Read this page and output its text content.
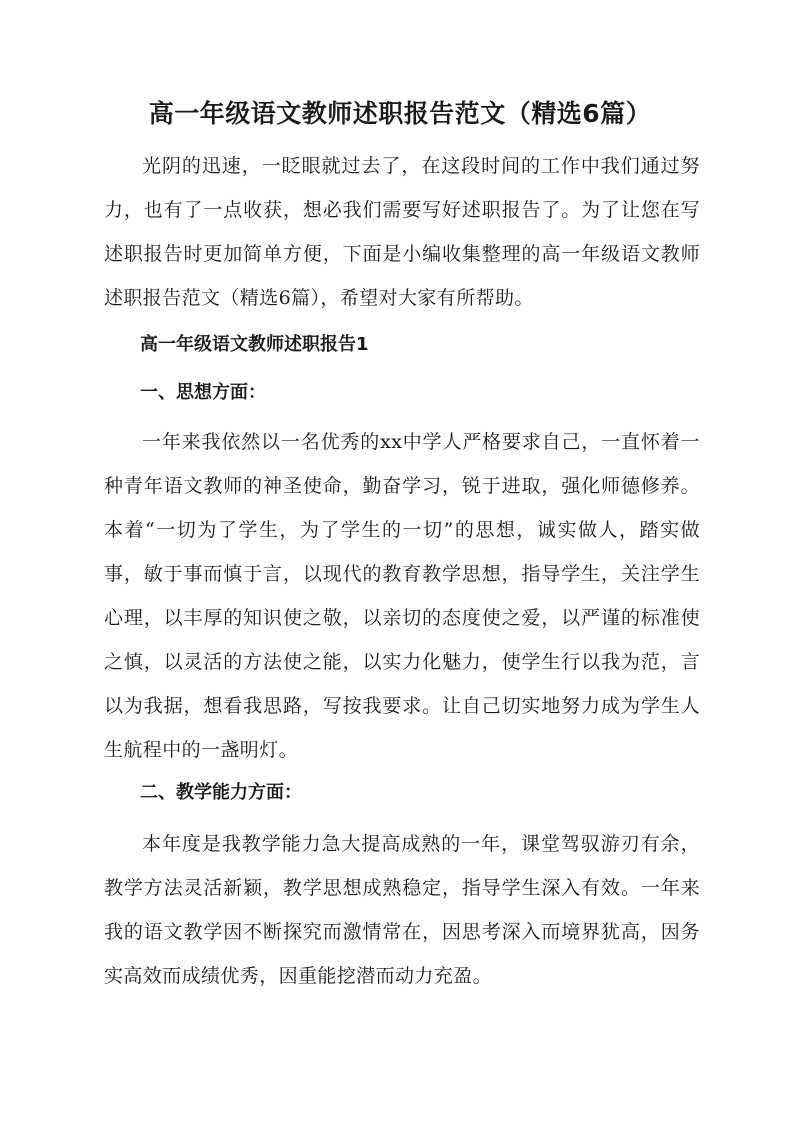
高一年级语文教师述职报告范文（精选6篇）

光阴的迅速，一眨眼就过去了，在这段时间的工作中我们通过努力，也有了一点收获，想必我们需要写好述职报告了。为了让您在写述职报告时更加简单方便，下面是小编收集整理的高一年级语文教师述职报告范文（精选6篇），希望对大家有所帮助。

高一年级语文教师述职报告1
一、思想方面：

一年来我依然以一名优秀的xx中学人严格要求自己，一直怀着一种青年语文教师的神圣使命，勤奋学习，锐于进取，强化师德修养。本着“一切为了学生，为了学生的一切”的思想，诚实做人，踏实做事，敏于事而慎于言，以现代的教育教学思想，指导学生，关注学生心理，以丰厚的知识使之敬，以亲切的态度使之爱，以严谨的标准使之慎，以灵活的方法使之能，以实力化魅力，使学生行以我为范，言以为我据，想看我思路，写按我要求。让自己切实地努力成为学生人生航程中的一盏明灯。

二、教学能力方面：

本年度是我教学能力急大提高成熟的一年，课堂驾驭游刃有余，教学方法灵活新颖，教学思想成熟稳定，指导学生深入有效。一年来我的语文教学因不断探究而激情常在，因思考深入而境界犹高，因务实高效而成绩优秀，因重能挖潜而动力充盈。
